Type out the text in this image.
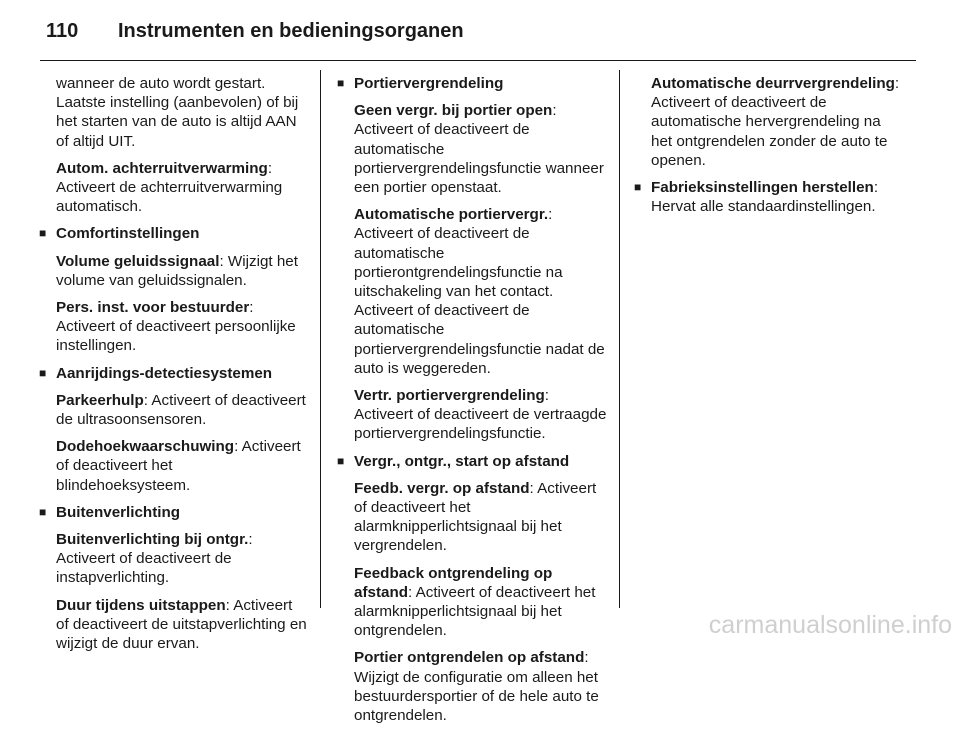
110 Instrumenten en bedieningsorganen

wanneer de auto wordt gestart. Laatste instelling (aanbevolen) of bij het starten van de auto is altijd AAN of altijd UIT.

Autom. achterruitverwarming: Activeert de achterruitverwarming automatisch.

■ Comfortinstellingen

Volume geluidssignaal: Wijzigt het volume van geluidssignalen.

Pers. inst. voor bestuurder: Activeert of deactiveert persoonlijke instellingen.

■ Aanrijdings-detectiesystemen

Parkeerhulp: Activeert of deactiveert de ultrasoonsensoren.

Dodehoekwaarschuwing: Activeert of deactiveert het blindehoeksysteem.

■ Buitenverlichting

Buitenverlichting bij ontgr.: Activeert of deactiveert de instapverlichting.

Duur tijdens uitstappen: Activeert of deactiveert de uitstapverlichting en wijzigt de duur ervan.

■ Portiervergrendeling

Geen vergr. bij portier open: Activeert of deactiveert de automatische portiervergrendelingsfunctie wanneer een portier openstaat.

Automatische portiervergr.: Activeert of deactiveert de automatische portierontgrendelingsfunctie na uitschakeling van het contact. Activeert of deactiveert de automatische portiervergrendelingsfunctie nadat de auto is weggereden.

Vertr. portiervergrendeling: Activeert of deactiveert de vertraagde portiervergrendelingsfunctie.

■ Vergr., ontgr., start op afstand

Feedb. vergr. op afstand: Activeert of deactiveert het alarmknipperlichtsignaal bij het vergrendelen.

Feedback ontgrendeling op afstand: Activeert of deactiveert het alarmknipperlichtsignaal bij het ontgrendelen.

Portier ontgrendelen op afstand: Wijzigt de configuratie om alleen het bestuurdersportier of de hele auto te ontgrendelen.

Automatische deurrvergrendeling: Activeert of deactiveert de automatische hervergrendeling na het ontgrendelen zonder de auto te openen.

■ Fabrieksinstellingen herstellen: Hervat alle standaardinstellingen.
carmanualsonline.info
